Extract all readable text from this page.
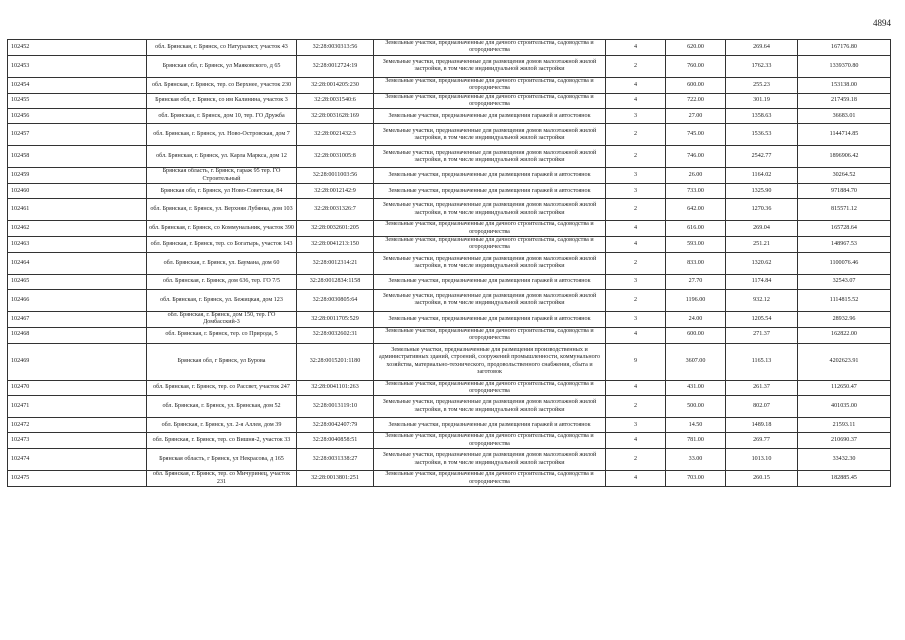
4894
102452	обл. Брянская, г. Брянск, со Натуралист, участок 43	32:28:0030313:56	Земельные участки, предназначенные для дачного строительства, садоводства и огородничества	4	620.00	269.64	167176.80
102453	Брянская обл, г. Брянск, ул Маяковского, д 65	32:28:0012724:19	Земельные участки, предназначенные для размещения домов малоэтажной жилой застройки, в том числе индивидуальной жилой застройки	2	760.00	1762.33	1339370.80
102454	обл. Брянская, г. Брянск, тер. со Верхнее, участок 230	32:28:0014205:230	Земельные участки, предназначенные для дачного строительства, садоводства и огородничества	4	600.00	255.23	153138.00
102455	Брянская обл, г. Брянск, со им Калинина, участок 3	32:28:0031540:6	Земельные участки, предназначенные для дачного строительства, садоводства и огородничества	4	722.00	301.19	217459.18
102456	обл. Брянская, г. Брянск, дом 10, тер. ГО Дружба	32:28:0031628:169	Земельные участки, предназначенные для размещения гаражей и автостоянок	3	27.00	1358.63	36683.01
102457	обл. Брянская, г. Брянск, ул. Ново-Островская, дом 7	32:28:0021432:3	Земельные участки, предназначенные для размещения домов малоэтажной жилой застройки, в том числе индивидуальной жилой застройки	2	745.00	1536.53	1144714.85
102458	обл. Брянская, г. Брянск, ул. Карла Маркса, дом 12	32:28:0031005:8	Земельные участки, предназначенные для размещения домов малоэтажной жилой застройки, в том числе индивидуальной жилой застройки	2	746.00	2542.77	1896906.42
102459	Брянская область, г. Брянск, гараж 95 тер. ГО Строительный	32:28:0011003:56	Земельные участки, предназначенные для размещения гаражей и автостоянок	3	26.00	1164.02	30264.52
102460	Брянская обл, г. Брянск, ул Ново-Советская, 84	32:28:0012142:9	Земельные участки, предназначенные для размещения гаражей и автостоянок	3	733.00	1325.90	971884.70
102461	обл. Брянская, г. Брянск, ул. Верхняя Лубянка, дом 103	32:28:0031326:7	Земельные участки, предназначенные для размещения домов малоэтажной жилой застройки, в том числе индивидуальной жилой застройки	2	642.00	1270.36	815571.12
102462	обл. Брянская, г. Брянск, со Коммунальник, участок 390	32:28:0032601:205	Земельные участки, предназначенные для дачного строительства, садоводства и огородничества	4	616.00	269.04	165728.64
102463	обл. Брянская, г. Брянск, тер. со Богатырь, участок 143	32:28:0041213:150	Земельные участки, предназначенные для дачного строительства, садоводства и огородничества	4	593.00	251.21	148967.53
102464	обл. Брянская, г. Брянск, ул. Баумана, дом 60	32:28:0012314:21	Земельные участки, предназначенные для размещения домов малоэтажной жилой застройки, в том числе индивидуальной жилой застройки	2	833.00	1320.62	1100076.46
102465	обл. Брянская, г. Брянск, дом 636, тер. ГО 7/5	32:28:0012834:1158	Земельные участки, предназначенные для размещения гаражей и автостоянок	3	27.70	1174.84	32543.07
102466	обл. Брянская, г. Брянск, ул. Бежицкая, дом 123	32:28:0030805:64	Земельные участки, предназначенные для размещения домов малоэтажной жилой застройки, в том числе индивидуальной жилой застройки	2	1196.00	932.12	1114815.52
102467	обл. Брянская, г. Брянск, дом 150, тер. ГО Домбасский-3	32:28:0011705:529	Земельные участки, предназначенные для размещения гаражей и автостоянок	3	24.00	1205.54	28932.96
102468	обл. Брянская, г. Брянск, тер. со Природа, 5	32:28:0032602:31	Земельные участки, предназначенные для дачного строительства, садоводства и огородничества	4	600.00	271.37	162822.00
102469	Брянская обл, г Брянск, ул Бурова	32:28:0015201:1180	Земельные участки, предназначенные для размещения производственных и административных зданий, строений, сооружений промышленности, коммунального хозяйства, материально-технического, продовольственного снабжения, сбыта и заготовок	9	3607.00	1165.13	4202623.91
102470	обл. Брянская, г. Брянск, тер. со Рассвет, участок 247	32:28:0041101:263	Земельные участки, предназначенные для дачного строительства, садоводства и огородничества	4	431.00	261.37	112650.47
102471	обл. Брянская, г. Брянск, ул. Брянская, дом 52	32:28:0013119:10	Земельные участки, предназначенные для размещения домов малоэтажной жилой застройки, в том числе индивидуальной жилой застройки	2	500.00	802.07	401035.00
102472	обл. Брянская, г. Брянск, ул. 2-я Аллея, дом 39	32:28:0042407:79	Земельные участки, предназначенные для размещения гаражей и автостоянок	3	14.50	1489.18	21593.11
102473	обл. Брянская, г. Брянск, тер. со Вишня-2, участок 33	32:28:0040858:51	Земельные участки, предназначенные для дачного строительства, садоводства и огородничества	4	781.00	269.77	210690.37
102474	Брянская область, г Брянск, ул Некрасова, д 165	32:28:0031338:27	Земельные участки, предназначенные для размещения домов малоэтажной жилой застройки, в том числе индивидуальной жилой застройки	2	33.00	1013.10	33432.30
102475	обл. Брянская, г. Брянск, тер. со Мичуринец, участок 231	32:28:0013801:251	Земельные участки, предназначенные для дачного строительства, садоводства и огородничества	4	703.00	260.15	182885.45
